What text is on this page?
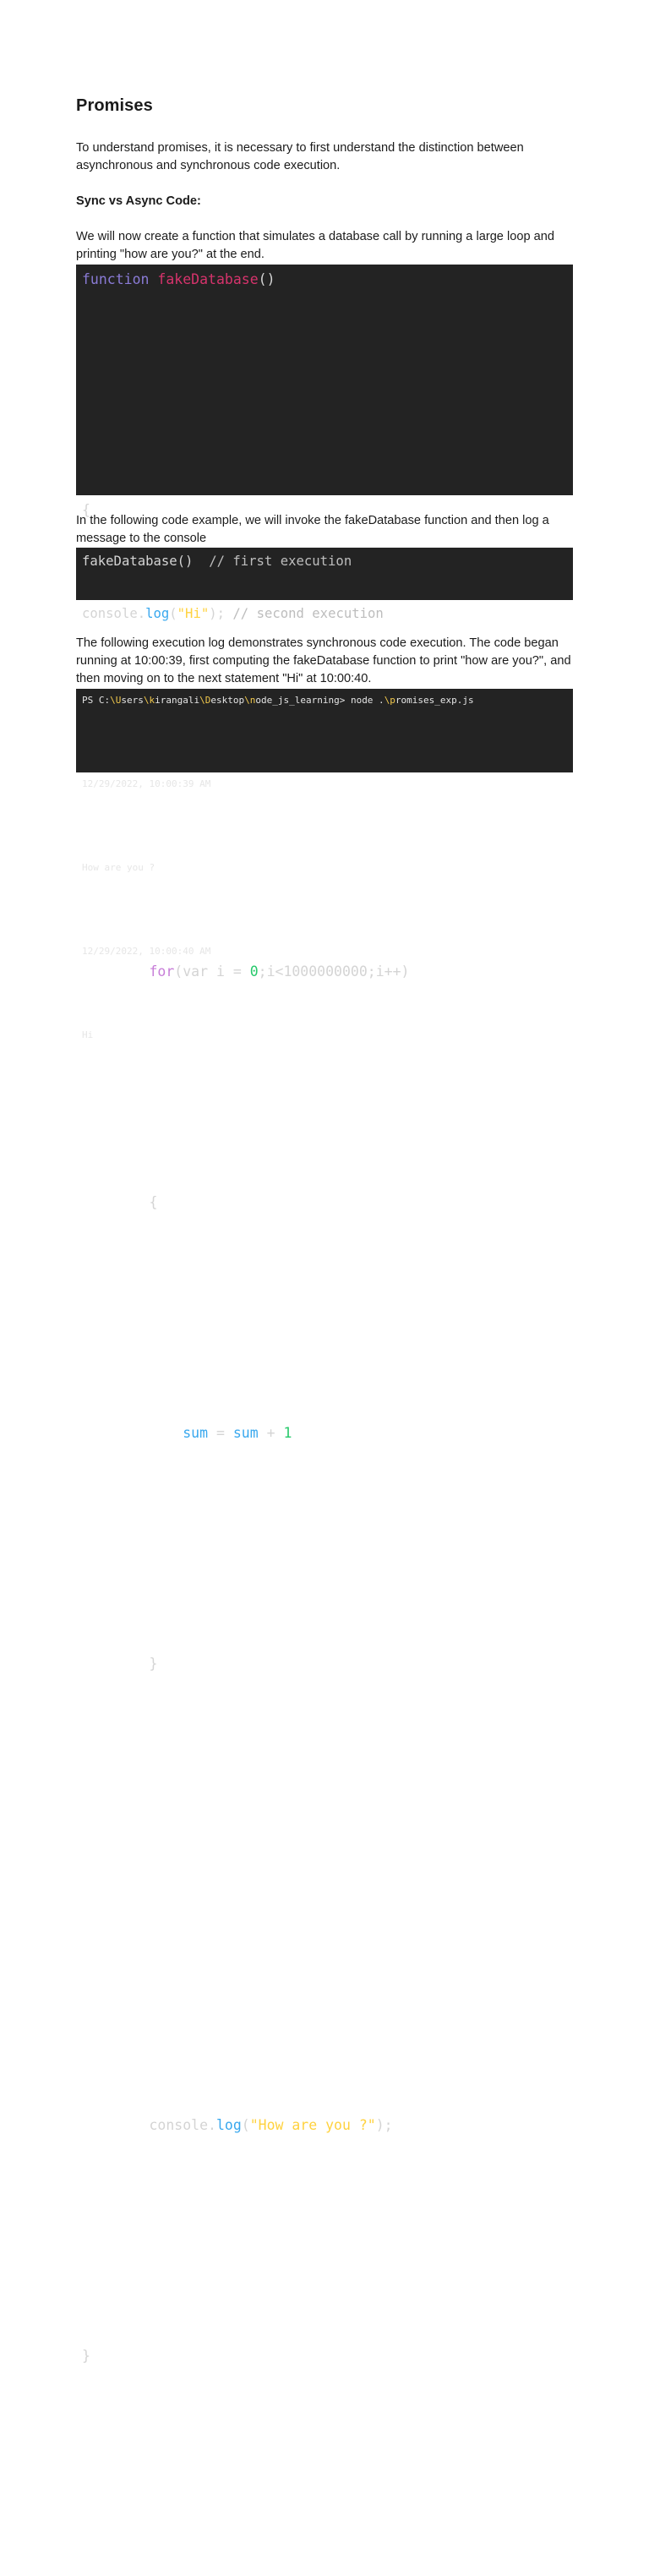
Promises

To understand promises, it is necessary to first understand the distinction between asynchronous and synchronous code execution.

Sync vs Async Code:

We will now create a function that simulates a database call by running a large loop and printing "how are you?" at the end.

function fakeDatabase()
{
for(var i = 0;i<1000000000;i++)
{
sum = sum + 1
}
console.log("How are you ?");
}

In the following code example, we will invoke the fakeDatabase function and then log a message to the console

fakeDatabase()  // first execution
console.log("Hi"); // second execution

The following execution log demonstrates synchronous code execution. The code began running at 10:00:39, first computing the fakeDatabase function to print "how are you?", and then moving on to the next statement "Hi" at 10:00:40.

PS C:\Users\kirangali\Desktop\node_js_learning> node .\promises_exp.js
12/29/2022, 10:00:39 AM
How are you ?
12/29/2022, 10:00:40 AM
Hi
